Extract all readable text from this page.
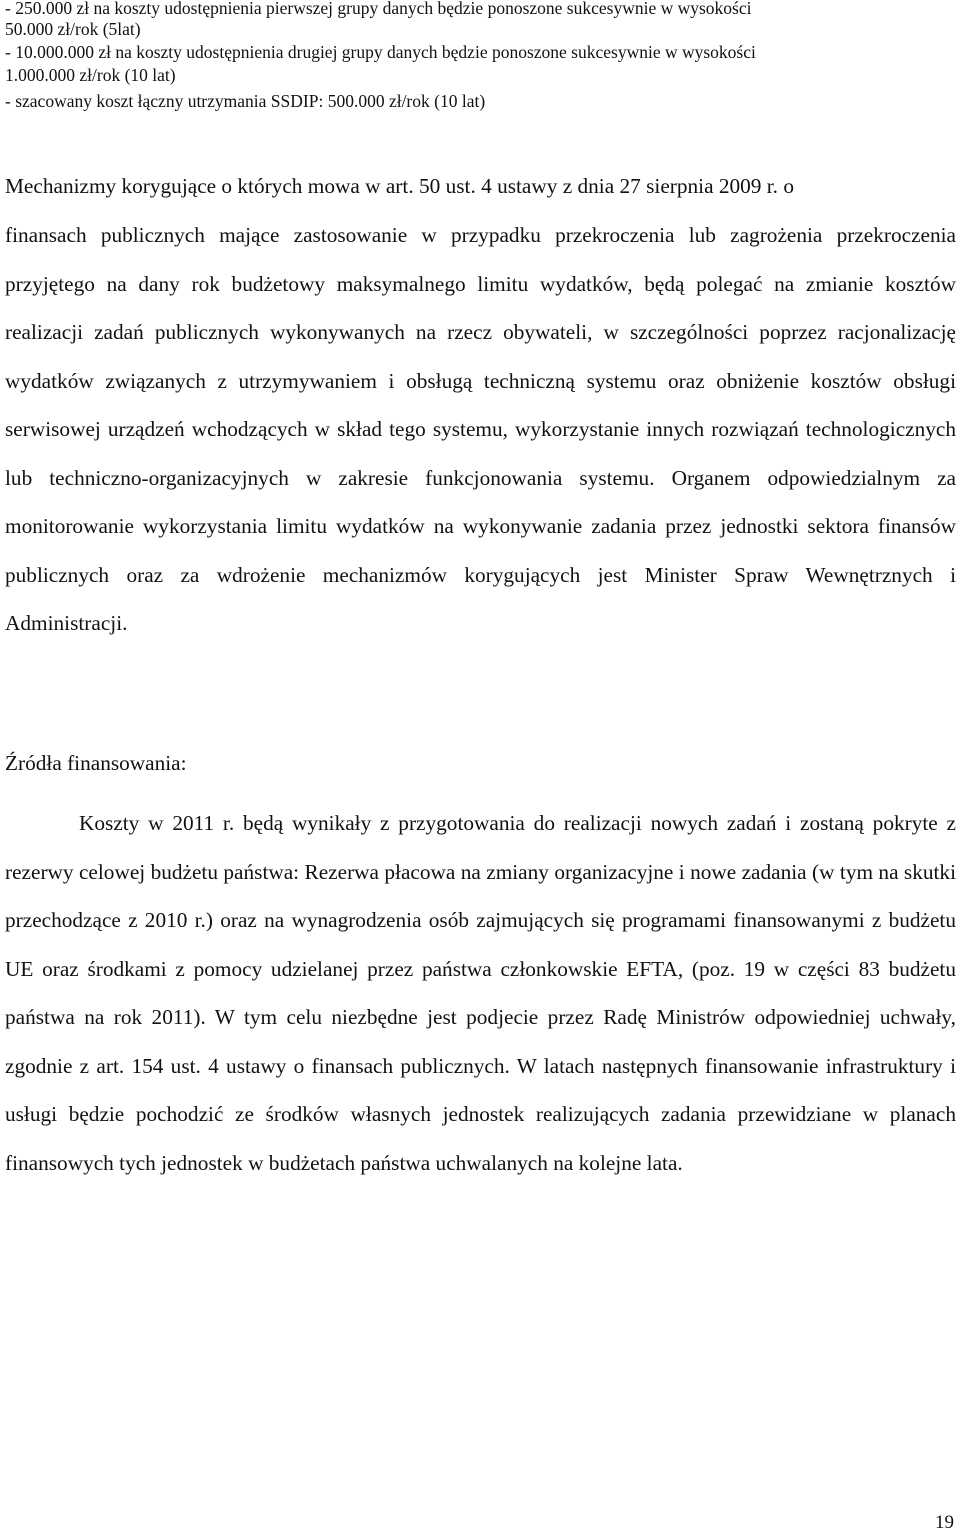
- 250.000 zł na koszty udostępnienia pierwszej grupy danych będzie ponoszone sukcesywnie w wysokości
50.000 zł/rok (5lat)
- 10.000.000 zł na koszty udostępnienia drugiej grupy danych będzie ponoszone sukcesywnie w wysokości
1.000.000 zł/rok (10 lat)
- szacowany koszt łączny utrzymania SSDIP: 500.000 zł/rok (10 lat)

Mechanizmy korygujące o których mowa w art. 50 ust. 4 ustawy z dnia 27 sierpnia 2009 r. o

finansach publicznych mające zastosowanie w przypadku przekroczenia lub zagrożenia przekroczenia przyjętego na dany rok budżetowy maksymalnego limitu wydatków, będą polegać na zmianie kosztów realizacji zadań publicznych wykonywanych na rzecz obywateli, w szczególności poprzez racjonalizację wydatków związanych z utrzymywaniem i obsługą techniczną systemu oraz obniżenie kosztów obsługi serwisowej urządzeń wchodzących w skład tego systemu, wykorzystanie innych rozwiązań technologicznych lub techniczno-organizacyjnych w zakresie funkcjonowania systemu. Organem odpowiedzialnym za monitorowanie wykorzystania limitu wydatków na wykonywanie zadania przez jednostki sektora finansów publicznych oraz za wdrożenie mechanizmów korygujących jest Minister Spraw Wewnętrznych i Administracji.

Źródła finansowania:

Koszty w 2011 r. będą wynikały z przygotowania do realizacji nowych zadań i zostaną pokryte z rezerwy celowej budżetu państwa: Rezerwa płacowa na zmiany organizacyjne i nowe zadania (w tym na skutki przechodzące z 2010 r.) oraz na wynagrodzenia osób zajmujących się programami finansowanymi z budżetu UE oraz środkami z pomocy udzielanej przez państwa członkowskie EFTA, (poz. 19 w części 83 budżetu państwa na rok 2011). W tym celu niezbędne jest podjecie przez Radę Ministrów odpowiedniej uchwały, zgodnie z art. 154 ust. 4 ustawy o finansach publicznych. W latach następnych finansowanie infrastruktury i usługi będzie pochodzić ze środków własnych jednostek realizujących zadania przewidziane w planach finansowych tych jednostek w budżetach państwa uchwalanych na kolejne lata.

19
